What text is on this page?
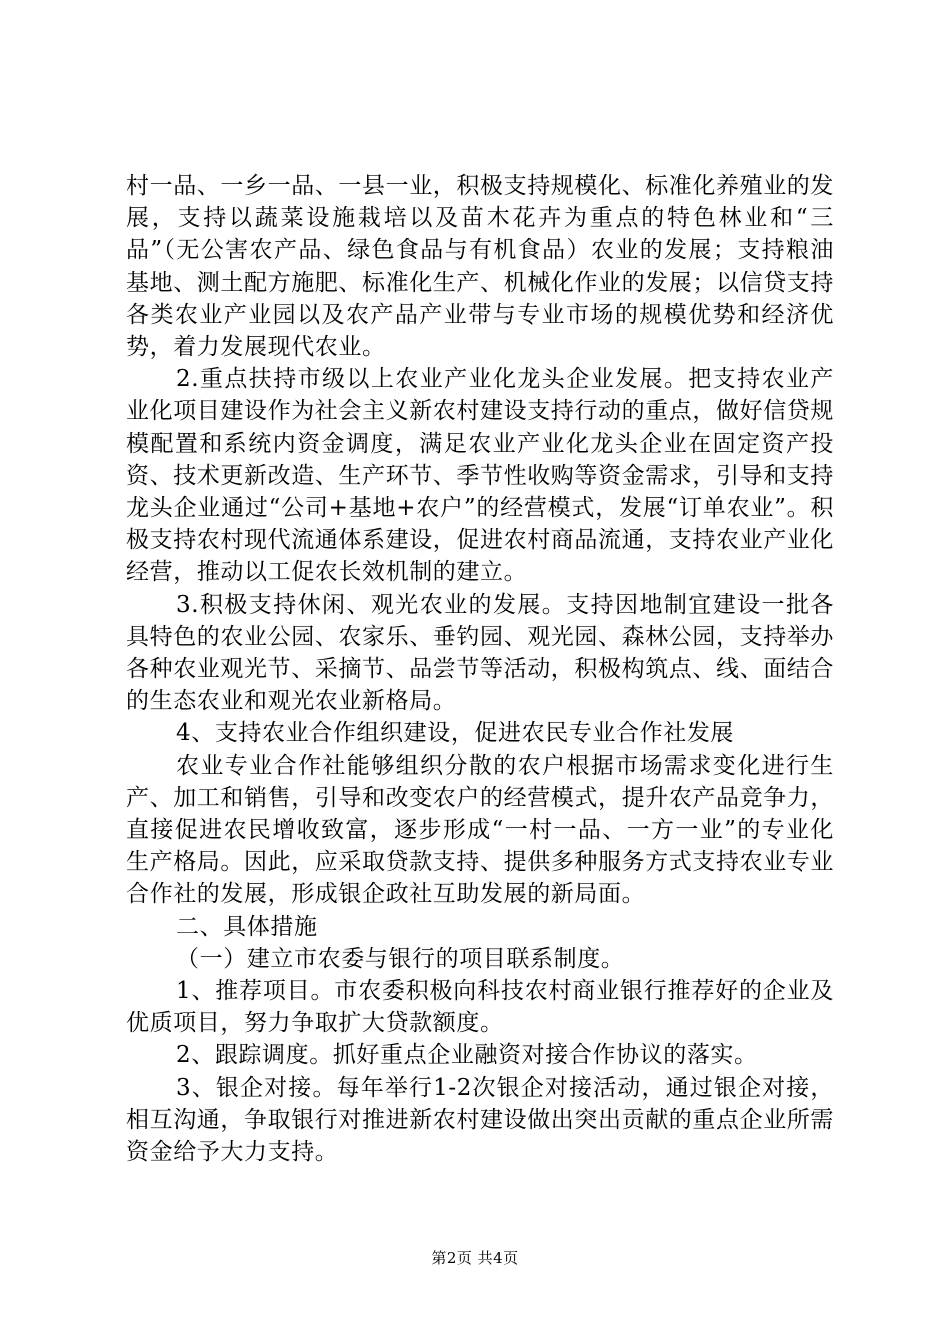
村一品、一乡一品、一县一业，积极支持规模化、标准化养殖业的发展，支持以蔬菜设施栽培以及苗木花卉为重点的特色林业和“三品”（无公害农产品、绿色食品与有机食品）农业的发展；支持粮油基地、测土配方施肥、标准化生产、机械化作业的发展；以信贷支持各类农业产业园以及农产品产业带与专业市场的规模优势和经济优势，着力发展现代农业。

2.重点扶持市级以上农业产业化龙头企业发展。把支持农业产业化项目建设作为社会主义新农村建设支持行动的重点，做好信贷规模配置和系统内资金调度，满足农业产业化龙头企业在固定资产投资、技术更新改造、生产环节、季节性收购等资金需求，引导和支持龙头企业通过“公司+基地+农户”的经营模式，发展“订单农业”。积极支持农村现代流通体系建设，促进农村商品流通，支持农业产业化经营，推动以工促农长效机制的建立。

3.积极支持休闲、观光农业的发展。支持因地制宜建设一批各具特色的农业公园、农家乐、垂钓园、观光园、森林公园，支持举办各种农业观光节、采摘节、品尝节等活动，积极构筑点、线、面结合的生态农业和观光农业新格局。

4、支持农业合作组织建设，促进农民专业合作社发展

农业专业合作社能够组织分散的农户根据市场需求变化进行生产、加工和销售，引导和改变农户的经营模式，提升农产品竞争力，直接促进农民增收致富，逐步形成“一村一品、一方一业”的专业化生产格局。因此，应采取贷款支持、提供多种服务方式支持农业专业合作社的发展，形成银企政社互助发展的新局面。

二、具体措施

（一）建立市农委与银行的项目联系制度。

1、推荐项目。市农委积极向科技农村商业银行推荐好的企业及优质项目，努力争取扩大贷款额度。

2、跟踪调度。抓好重点企业融资对接合作协议的落实。

3、银企对接。每年举行1-2次银企对接活动，通过银企对接，相互沟通，争取银行对推进新农村建设做出突出贡献的重点企业所需资金给予大力支持。

第2页 共4页
